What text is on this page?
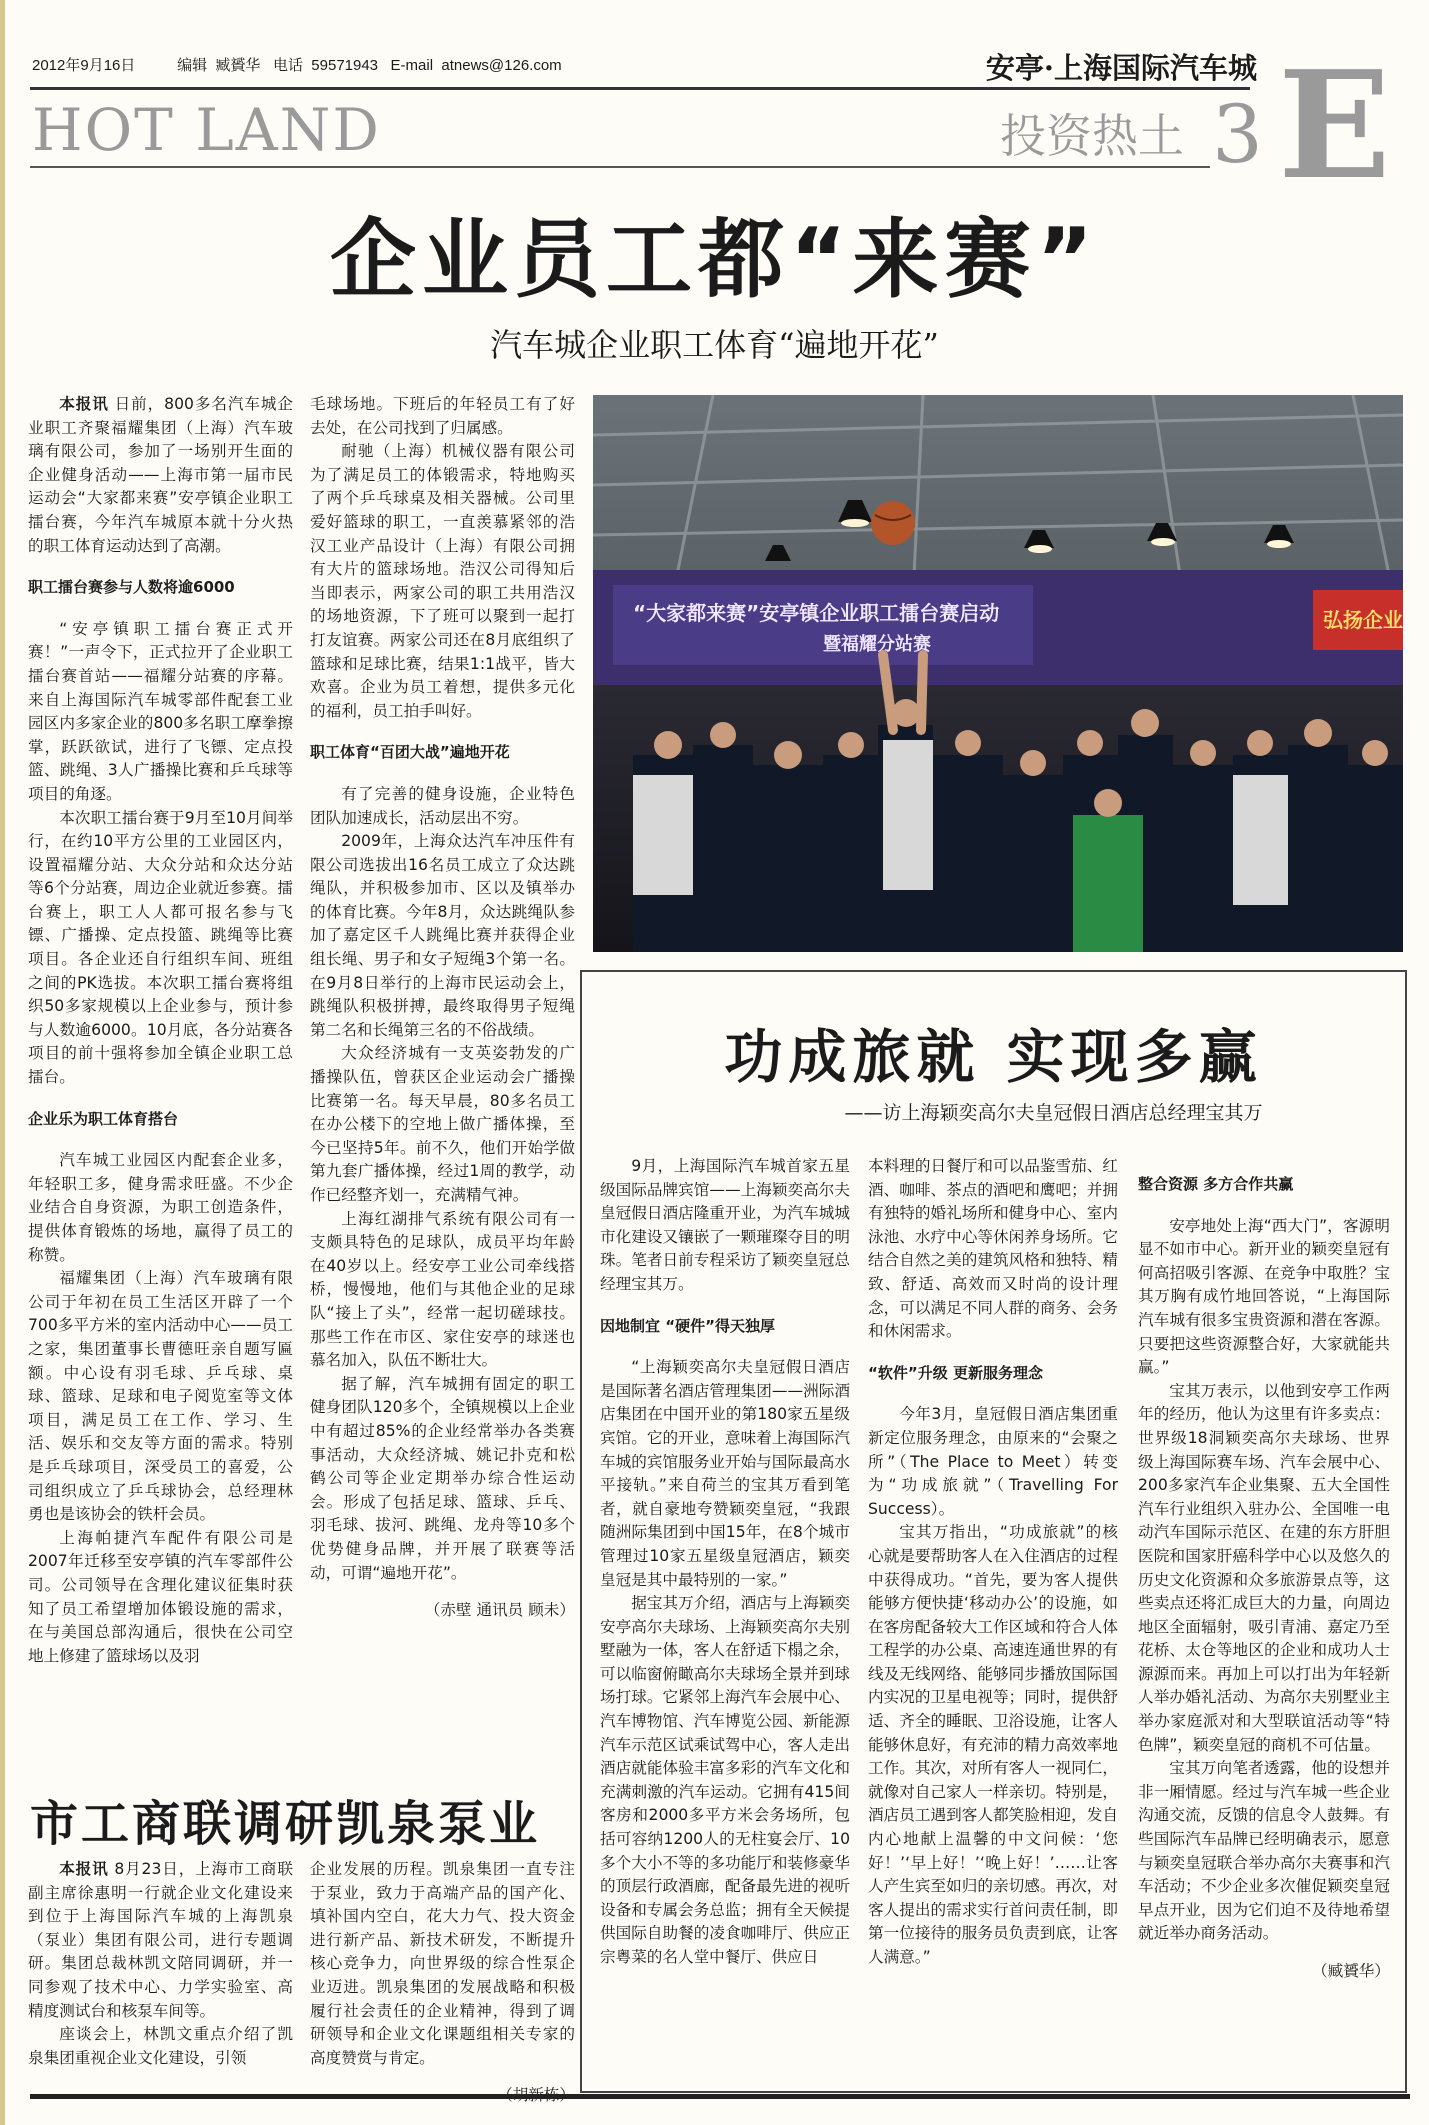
2012年9月16日	编辑  臧贇华 电话  59571943 E-mail  atnews@126.com	安亭·上海国际汽车城
HOT LAND	投资热土 3 E
企业员工都“来赛”
汽车城企业职工体育“遍地开花”

本报讯 日前，800多名汽车城企业职工齐聚福耀集团（上海）汽车玻璃有限公司，参加了一场别开生面的企业健身活动——上海市第一届市民运动会“大家都来赛”安亭镇企业职工擂台赛，今年汽车城原本就十分火热的职工体育运动达到了高潮。

职工擂台赛参与人数将逾6000

“安亭镇职工擂台赛正式开赛！”一声令下，正式拉开了企业职工擂台赛首站——福耀分站赛的序幕。来自上海国际汽车城零部件配套工业园区内多家企业的800多名职工摩拳擦掌，跃跃欲试，进行了飞镖、定点投篮、跳绳、3人广播操比赛和乒乓球等项目的角逐。

本次职工擂台赛于9月至10月间举行，在约10平方公里的工业园区内，设置福耀分站、大众分站和众达分站等6个分站赛，周边企业就近参赛。擂台赛上，职工人人都可报名参与飞镖、广播操、定点投篮、跳绳等比赛项目。各企业还自行组织车间、班组之间的PK选拔。本次职工擂台赛将组织50多家规模以上企业参与，预计参与人数逾6000。10月底，各分站赛各项目的前十强将参加全镇企业职工总擂台。

企业乐为职工体育搭台

汽车城工业园区内配套企业多，年轻职工多，健身需求旺盛。不少企业结合自身资源，为职工创造条件，提供体育锻炼的场地，赢得了员工的称赞。

福耀集团（上海）汽车玻璃有限公司于年初在员工生活区开辟了一个700多平方米的室内活动中心——员工之家，集团董事长曹德旺亲自题写匾额。中心设有羽毛球、乒乓球、桌球、篮球、足球和电子阅览室等文体项目，满足员工在工作、学习、生活、娱乐和交友等方面的需求。特别是乒乓球项目，深受员工的喜爱，公司组织成立了乒乓球协会，总经理林勇也是该协会的铁杆会员。

上海帕捷汽车配件有限公司是2007年迁移至安亭镇的汽车零部件公司。公司领导在含理化建议征集时获知了员工希望增加体锻设施的需求，在与美国总部沟通后，很快在公司空地上修建了篮球场以及羽

毛球场地。下班后的年轻员工有了好去处，在公司找到了归属感。

耐驰（上海）机械仪器有限公司为了满足员工的体锻需求，特地购买了两个乒乓球桌及相关器械。公司里爱好篮球的职工，一直羡慕紧邻的浩汉工业产品设计（上海）有限公司拥有大片的篮球场地。浩汉公司得知后当即表示，两家公司的职工共用浩汉的场地资源，下了班可以聚到一起打打友谊赛。两家公司还在8月底组织了篮球和足球比赛，结果1:1战平，皆大欢喜。企业为员工着想，提供多元化的福利，员工拍手叫好。

职工体育“百团大战”遍地开花

有了完善的健身设施，企业特色团队加速成长，活动层出不穷。

2009年，上海众达汽车冲压件有限公司选拔出16名员工成立了众达跳绳队，并积极参加市、区以及镇举办的体育比赛。今年8月，众达跳绳队参加了嘉定区千人跳绳比赛并获得企业组长绳、男子和女子短绳3个第一名。在9月8日举行的上海市民运动会上，跳绳队积极拼搏，最终取得男子短绳第二名和长绳第三名的不俗战绩。

大众经济城有一支英姿勃发的广播操队伍，曾获区企业运动会广播操比赛第一名。每天早晨，80多名员工在办公楼下的空地上做广播体操，至今已坚持5年。前不久，他们开始学做第九套广播体操，经过1周的教学，动作已经整齐划一，充满精气神。

上海红湖排气系统有限公司有一支颇具特色的足球队，成员平均年龄在40岁以上。经安亭工业公司牵线搭桥，慢慢地，他们与其他企业的足球队“接上了头”，经常一起切磋球技。那些工作在市区、家住安亭的球迷也慕名加入，队伍不断壮大。

据了解，汽车城拥有固定的职工健身团队120多个，全镇规模以上企业中有超过85%的企业经常举办各类赛事活动，大众经济城、姚记扑克和松鹤公司等企业定期举办综合性运动会。形成了包括足球、篮球、乒乓、羽毛球、拔河、跳绳、龙舟等10多个优势健身品牌，并开展了联赛等活动，可谓“遍地开花”。

（赤壁 通讯员 顾未）

“大家都来赛”安亭镇企业职工擂台赛启动
暨福耀分站赛
弘扬企业
功成旅就 实现多赢
——访上海颖奕高尔夫皇冠假日酒店总经理宝其万

9月，上海国际汽车城首家五星级国际品牌宾馆——上海颖奕高尔夫皇冠假日酒店隆重开业，为汽车城城市化建设又镶嵌了一颗璀璨夺目的明珠。笔者日前专程采访了颖奕皇冠总经理宝其万。

因地制宜 “硬件”得天独厚

“上海颖奕高尔夫皇冠假日酒店是国际著名酒店管理集团——洲际酒店集团在中国开业的第180家五星级宾馆。它的开业，意味着上海国际汽车城的宾馆服务业开始与国际最高水平接轨。”来自荷兰的宝其万看到笔者，就自豪地夸赞颖奕皇冠，“我跟随洲际集团到中国15年，在8个城市管理过10家五星级皇冠酒店，颖奕皇冠是其中最特别的一家。”

据宝其万介绍，酒店与上海颖奕安亭高尔夫球场、上海颖奕高尔夫别墅融为一体，客人在舒适下榻之余，可以临窗俯瞰高尔夫球场全景并到球场打球。它紧邻上海汽车会展中心、汽车博物馆、汽车博览公园、新能源汽车示范区试乘试驾中心，客人走出酒店就能体验丰富多彩的汽车文化和充满刺激的汽车运动。它拥有415间客房和2000多平方米会务场所，包括可容纳1200人的无柱宴会厅、10多个大小不等的多功能厅和装修豪华的顶层行政酒廊，配备最先进的视听设备和专属会务总监；拥有全天候提供国际自助餐的凌食咖啡厅、供应正宗粤菜的名人堂中餐厅、供应日

本料理的日餐厅和可以品鉴雪茄、红酒、咖啡、茶点的酒吧和鹰吧；并拥有独特的婚礼场所和健身中心、室内泳池、水疗中心等休闲养身场所。它结合自然之美的建筑风格和独特、精致、舒适、高效而又时尚的设计理念，可以满足不同人群的商务、会务和休闲需求。

“软件”升级 更新服务理念

今年3月，皇冠假日酒店集团重新定位服务理念，由原来的“会聚之所”（The Place to Meet）转变为“功成旅就”（Travelling For Success）。

宝其万指出，“功成旅就”的核心就是要帮助客人在入住酒店的过程中获得成功。“首先，要为客人提供能够方便快捷‘移动办公’的设施，如在客房配备较大工作区域和符合人体工程学的办公桌、高速连通世界的有线及无线网络、能够同步播放国际国内实况的卫星电视等；同时，提供舒适、齐全的睡眠、卫浴设施，让客人能够休息好，有充沛的精力高效率地工作。其次，对所有客人一视同仁，就像对自己家人一样亲切。特别是，酒店员工遇到客人都笑脸相迎，发自内心地献上温馨的中文问候：‘您好！’‘早上好！’‘晚上好！’……让客人产生宾至如归的亲切感。再次，对客人提出的需求实行首问责任制，即第一位接待的服务员负责到底，让客人满意。”

整合资源 多方合作共赢

安亭地处上海“西大门”，客源明显不如市中心。新开业的颖奕皇冠有何高招吸引客源、在竞争中取胜？宝其万胸有成竹地回答说，“上海国际汽车城有很多宝贵资源和潜在客源。只要把这些资源整合好，大家就能共赢。”

宝其万表示，以他到安亭工作两年的经历，他认为这里有许多卖点：世界级18洞颖奕高尔夫球场、世界级上海国际赛车场、汽车会展中心、200多家汽车企业集聚、五大全国性汽车行业组织入驻办公、全国唯一电动汽车国际示范区、在建的东方肝胆医院和国家肝癌科学中心以及悠久的历史文化资源和众多旅游景点等，这些卖点还将汇成巨大的力量，向周边地区全面辐射，吸引青浦、嘉定乃至花桥、太仓等地区的企业和成功人士源源而来。再加上可以打出为年轻新人举办婚礼活动、为高尔夫别墅业主举办家庭派对和大型联谊活动等“特色牌”，颖奕皇冠的商机不可估量。

宝其万向笔者透露，他的设想并非一厢情愿。经过与汽车城一些企业沟通交流，反馈的信息令人鼓舞。有些国际汽车品牌已经明确表示，愿意与颖奕皇冠联合举办高尔夫赛事和汽车活动；不少企业多次催促颖奕皇冠早点开业，因为它们迫不及待地希望就近举办商务活动。

（臧贇华）

市工商联调研凯泉泵业

本报讯 8月23日，上海市工商联副主席徐惠明一行就企业文化建设来到位于上海国际汽车城的上海凯泉（泵业）集团有限公司，进行专题调研。集团总裁林凯文陪同调研，并一同参观了技术中心、力学实验室、高精度测试台和核泵车间等。

座谈会上，林凯文重点介绍了凯泉集团重视企业文化建设，引领

企业发展的历程。凯泉集团一直专注于泵业，致力于高端产品的国产化、填补国内空白，花大力气、投大资金进行新产品、新技术研发，不断提升核心竞争力，向世界级的综合性泵企业迈进。凯泉集团的发展战略和积极履行社会责任的企业精神，得到了调研领导和企业文化课题组相关专家的高度赞赏与肯定。
